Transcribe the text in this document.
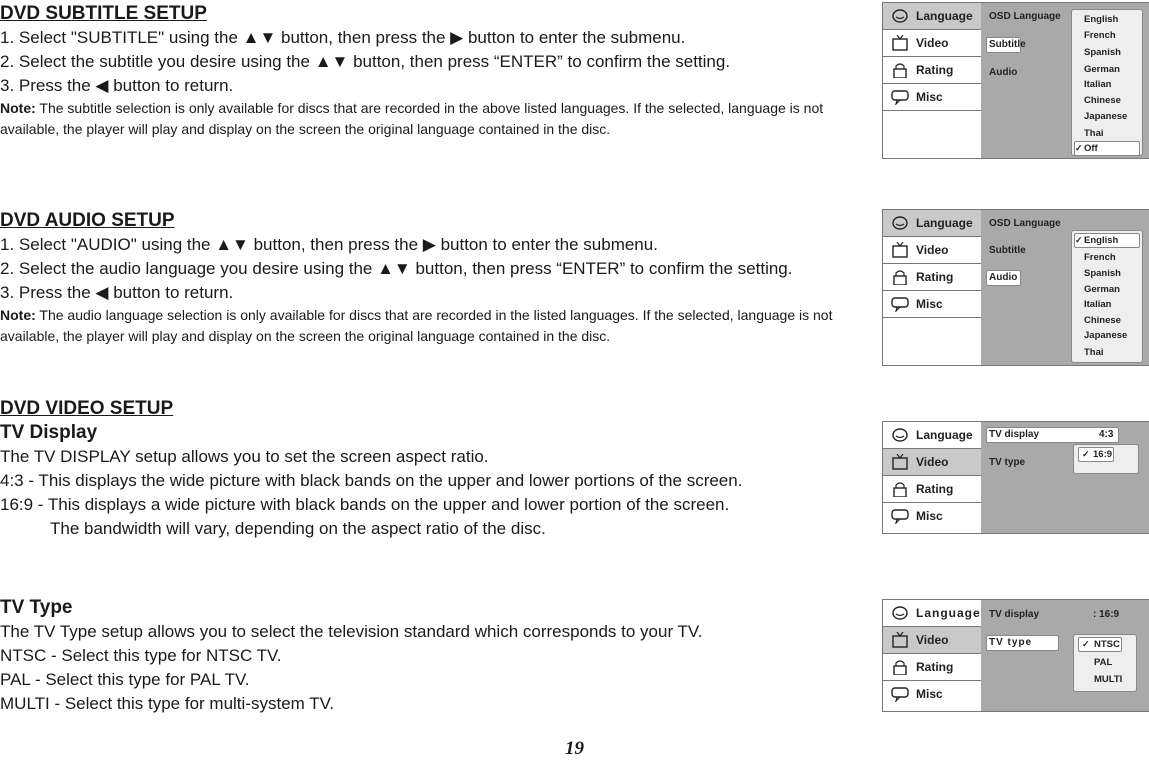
DVD SUBTITLE SETUP
1. Select "SUBTITLE" using the ▲▼ button, then press the ▶ button to enter the submenu.
2. Select the subtitle you desire using the ▲▼ button, then press “ENTER” to confirm the setting.
3. Press the ◀ button to return.
Note: The subtitle selection is only available for discs that are recorded in the above listed languages. If the selected, language is not available, the player will play and display on the screen the original language contained in the disc.
DVD AUDIO SETUP
1. Select "AUDIO" using the ▲▼ button, then press the ▶ button to enter the submenu.
2. Select the audio language you desire using the ▲▼ button, then press “ENTER” to confirm the setting.
3. Press the ◀ button to return.
Note: The audio language selection is only available for discs that are recorded in the listed languages. If the selected, language is not available, the player will play and display on the screen the original language contained in the disc.
DVD VIDEO SETUP
TV Display
The TV DISPLAY setup allows you to set the screen aspect ratio.
4:3 - This displays the wide picture with black bands on the upper and lower portions of the screen.
16:9 - This displays a wide picture with black bands on the upper and lower portion of the screen.
The bandwidth will vary, depending on the aspect ratio of the disc.
TV Type
The TV Type setup allows you to select the television standard which corresponds to your TV.
NTSC - Select this type for NTSC TV.
PAL - Select this type for PAL TV.
MULTI - Select this type for multi-system TV.
Language
Video
Rating
Misc
OSD Language
Subtitle
Audio
English
French
Spanish
German
Italian
Chinese
Japanese
Thai
✓ Off
Language
Video
Rating
Misc
OSD Language
Subtitle
Audio
✓ English
French
Spanish
German
Italian
Chinese
Japanese
Thai
Language
Video
Rating
Misc
TV display	4:3
TV type
✓ 16:9
Language
Video
Rating
Misc
TV display	: 16:9
TV type	✓ NTSC
PAL
MULTI
19
